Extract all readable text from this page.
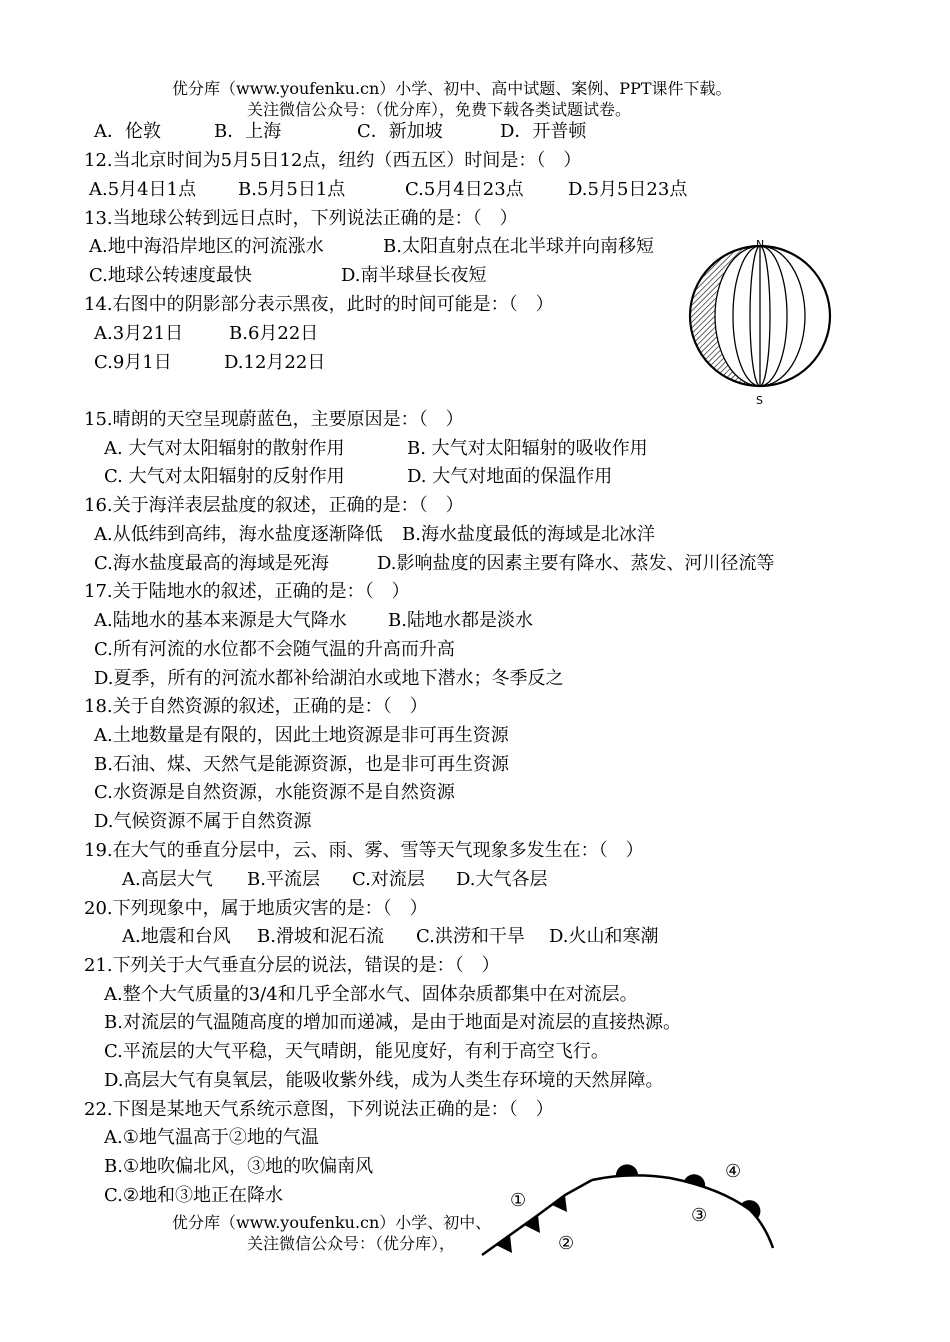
优分库（www.youfenku.cn）小学、初中、高中试题、案例、PPT课件下载。
关注微信公众号：（优分库），免费下载各类试题试卷。
A．伦敦	B．上海	C．新加坡	D．开普顿
12.当北京时间为5月5日12点，纽约（西五区）时间是：（　）
A.5月4日1点 B.5月5日1点	C.5月4日23点 D.5月5日23点
13.当地球公转到远日点时，下列说法正确的是：（　）
A.地中海沿岸地区的河流涨水	B.太阳直射点在北半球并向南移短
C.地球公转速度最快	D.南半球昼长夜短
14.右图中的阴影部分表示黑夜，此时的时间可能是：（　）
A.3月21日	B.6月22日
C.9月1日	D.12月22日
N
S
15.晴朗的天空呈现蔚蓝色，主要原因是：（　）
A. 大气对太阳辐射的散射作用	B. 大气对太阳辐射的吸收作用
C. 大气对太阳辐射的反射作用	D. 大气对地面的保温作用
16.关于海洋表层盐度的叙述，正确的是：（　）
A.从低纬到高纬，海水盐度逐渐降低 B.海水盐度最低的海域是北冰洋
C.海水盐度最高的海域是死海	D.影响盐度的因素主要有降水、蒸发、河川径流等
17.关于陆地水的叙述，正确的是：（　）
A.陆地水的基本来源是大气降水 B.陆地水都是淡水
C.所有河流的水位都不会随气温的升高而升高
D.夏季，所有的河流水都补给湖泊水或地下潜水；冬季反之
18.关于自然资源的叙述，正确的是：（　）
A.土地数量是有限的，因此土地资源是非可再生资源
B.石油、煤、天然气是能源资源，也是非可再生资源
C.水资源是自然资源，水能资源不是自然资源
D.气候资源不属于自然资源
19.在大气的垂直分层中，云、雨、雾、雪等天气现象多发生在：（　）
A.高层大气 B.平流层 C.对流层 D.大气各层
20.下列现象中，属于地质灾害的是：（　）
A.地震和台风 B.滑坡和泥石流 C.洪涝和干旱 D.火山和寒潮
21.下列关于大气垂直分层的说法，错误的是：（　）
A.整个大气质量的3/4和几乎全部水气、固体杂质都集中在对流层。
B.对流层的气温随高度的增加而递减，是由于地面是对流层的直接热源。
C.平流层的大气平稳，天气晴朗，能见度好，有利于高空飞行。
D.高层大气有臭氧层，能吸收紫外线，成为人类生存环境的天然屏障。
22.下图是某地天气系统示意图，下列说法正确的是：（　）
A.①地气温高于②地的气温
B.①地吹偏北风，③地的吹偏南风
C.②地和③地正在降水	①
②
③
④
优分库（www.youfenku.cn）小学、初中、
关注微信公众号：（优分库），
